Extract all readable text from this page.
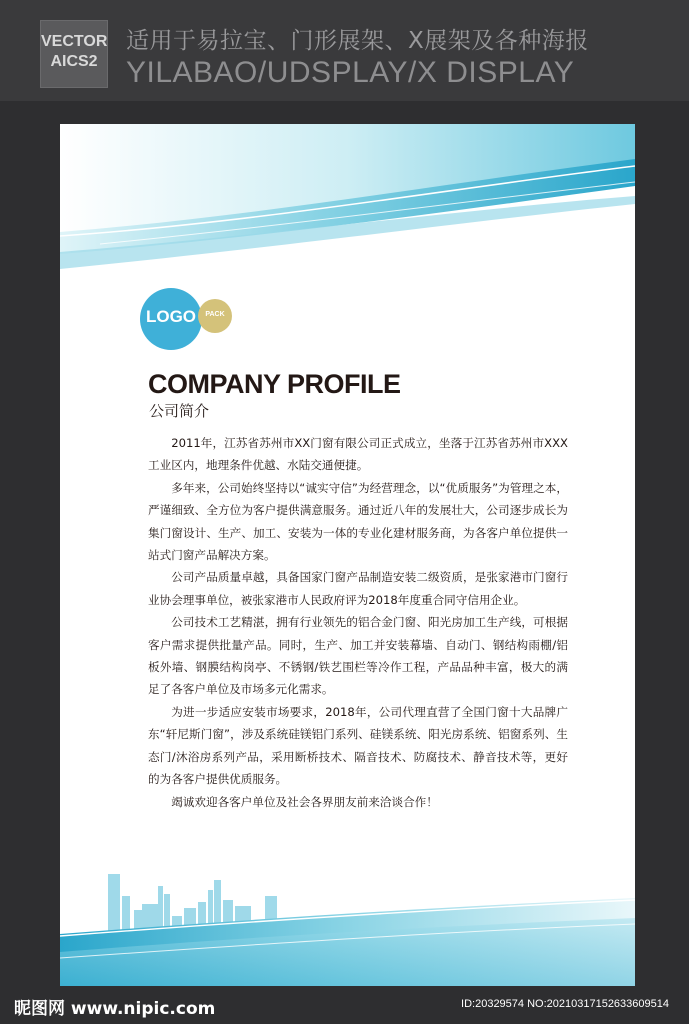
VECTOR
AICS2
适用于易拉宝、门形展架、X展架及各种海报
YILABAO/UDSPLAY/X DISPLAY
LOGO	PACK
COMPANY PROFILE
公司简介

2011年，江苏省苏州市XX门窗有限公司正式成立，坐落于江苏省苏州市XXX工业区内，地理条件优越、水陆交通便捷。

多年来，公司始终坚持以“诚实守信”为经营理念，以“优质服务”为管理之本，严谨细致、全方位为客户提供满意服务。通过近八年的发展壮大，公司逐步成长为集门窗设计、生产、加工、安装为一体的专业化建材服务商，为各客户单位提供一站式门窗产品解决方案。

公司产品质量卓越，具备国家门窗产品制造安装二级资质，是张家港市门窗行业协会理事单位，被张家港市人民政府评为2018年度重合同守信用企业。

公司技术工艺精湛，拥有行业领先的铝合金门窗、阳光房加工生产线，可根据客户需求提供批量产品。同时，生产、加工并安装幕墙、自动门、钢结构雨棚/铝板外墙、钢膜结构岗亭、不锈钢/铁艺围栏等冷作工程，产品品种丰富，极大的满足了各客户单位及市场多元化需求。

为进一步适应安装市场要求，2018年，公司代理直营了全国门窗十大品牌广东“轩尼斯门窗”，涉及系统硅镁铝门系列、硅镁系统、阳光房系统、铝窗系列、生态门/沐浴房系列产品，采用断桥技术、隔音技术、防腐技术、静音技术等，更好的为各客户提供优质服务。

竭诚欢迎各客户单位及社会各界朋友前来洽谈合作！

昵图网 www.nipic.com	ID:20329574 NO:20210317152633609514
